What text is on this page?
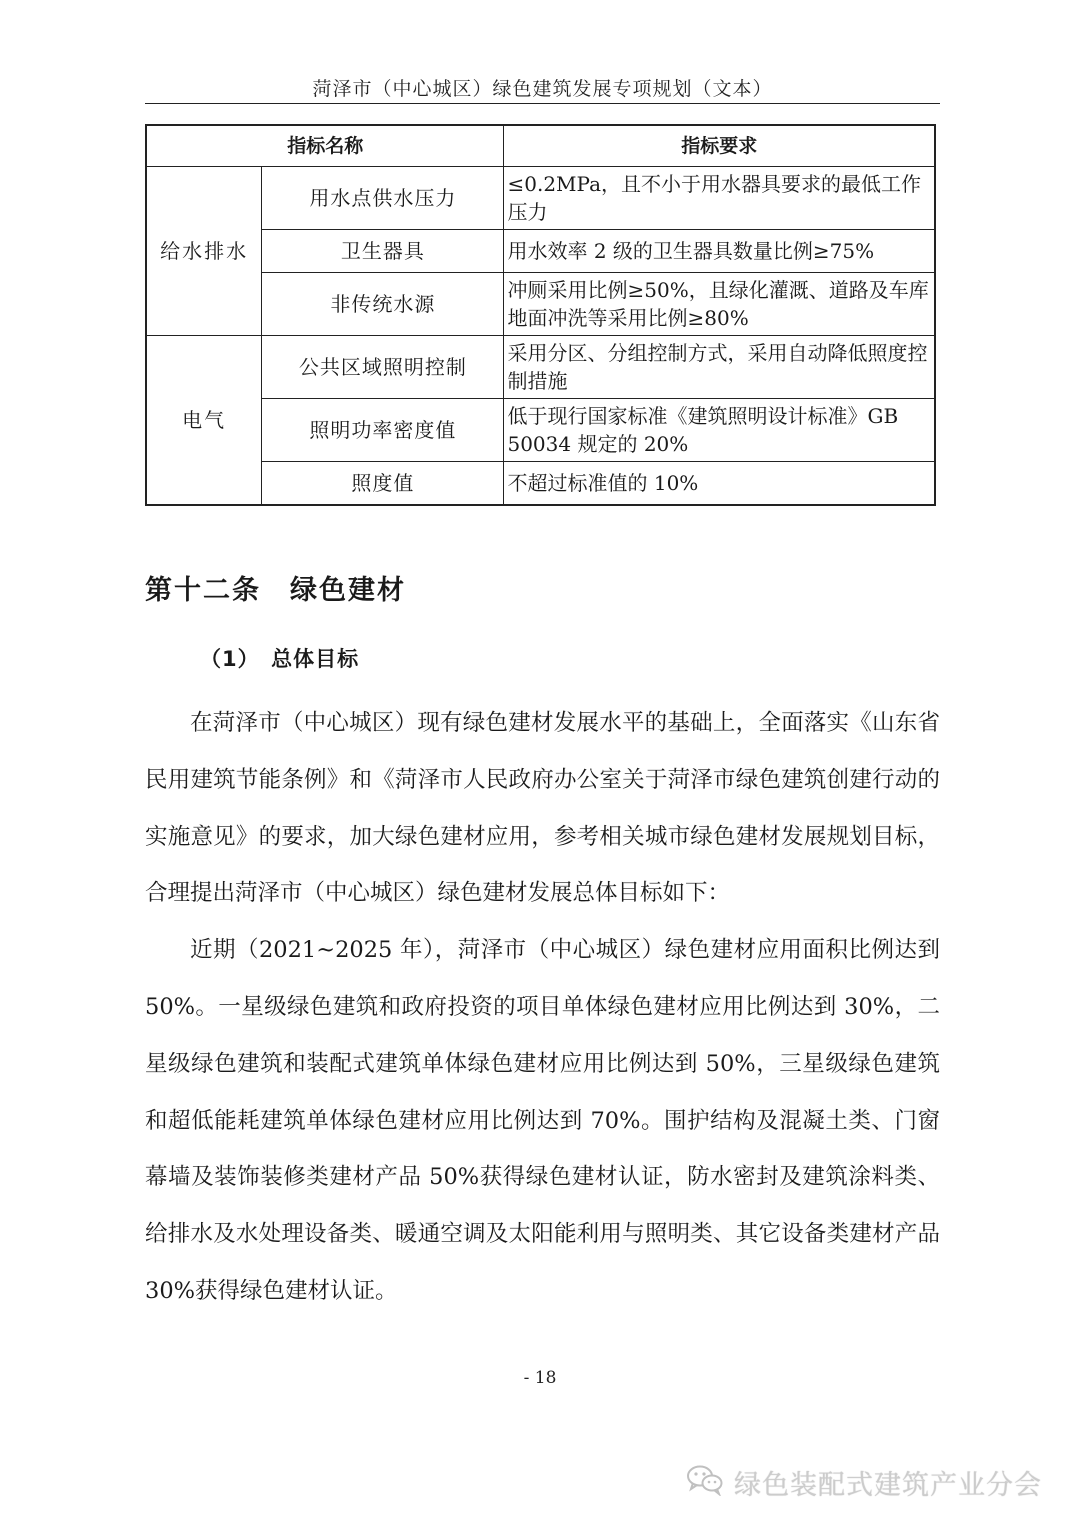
菏泽市（中心城区）绿色建筑发展专项规划（文本）
指标名称		指标要求
给水排水	用水点供水压力	≤0.2MPa，且不小于用水器具要求的最低工作压力
	卫生器具	用水效率 2 级的卫生器具数量比例≥75%
	非传统水源	冲厕采用比例≥50%，且绿化灌溉、道路及车库地面冲洗等采用比例≥80%
电气	公共区域照明控制	采用分区、分组控制方式，采用自动降低照度控制措施
	照明功率密度值	低于现行国家标准《建筑照明设计标准》GB 50034 规定的 20%
	照度值	不超过标准值的 10%
第十二条　绿色建材
（1）　总体目标

在菏泽市（中心城区）现有绿色建材发展水平的基础上，全面落实《山东省民用建筑节能条例》和《菏泽市人民政府办公室关于菏泽市绿色建筑创建行动的实施意见》的要求，加大绿色建材应用，参考相关城市绿色建材发展规划目标，合理提出菏泽市（中心城区）绿色建材发展总体目标如下：

近期（2021~2025 年），菏泽市（中心城区）绿色建材应用面积比例达到 50%。一星级绿色建筑和政府投资的项目单体绿色建材应用比例达到 30%，二星级绿色建筑和装配式建筑单体绿色建材应用比例达到 50%，三星级绿色建筑和超低能耗建筑单体绿色建材应用比例达到 70%。围护结构及混凝土类、门窗幕墙及装饰装修类建材产品 50%获得绿色建材认证，防水密封及建筑涂料类、给排水及水处理设备类、暖通空调及太阳能利用与照明类、其它设备类建材产品 30%获得绿色建材认证。

- 18
绿色装配式建筑产业分会
